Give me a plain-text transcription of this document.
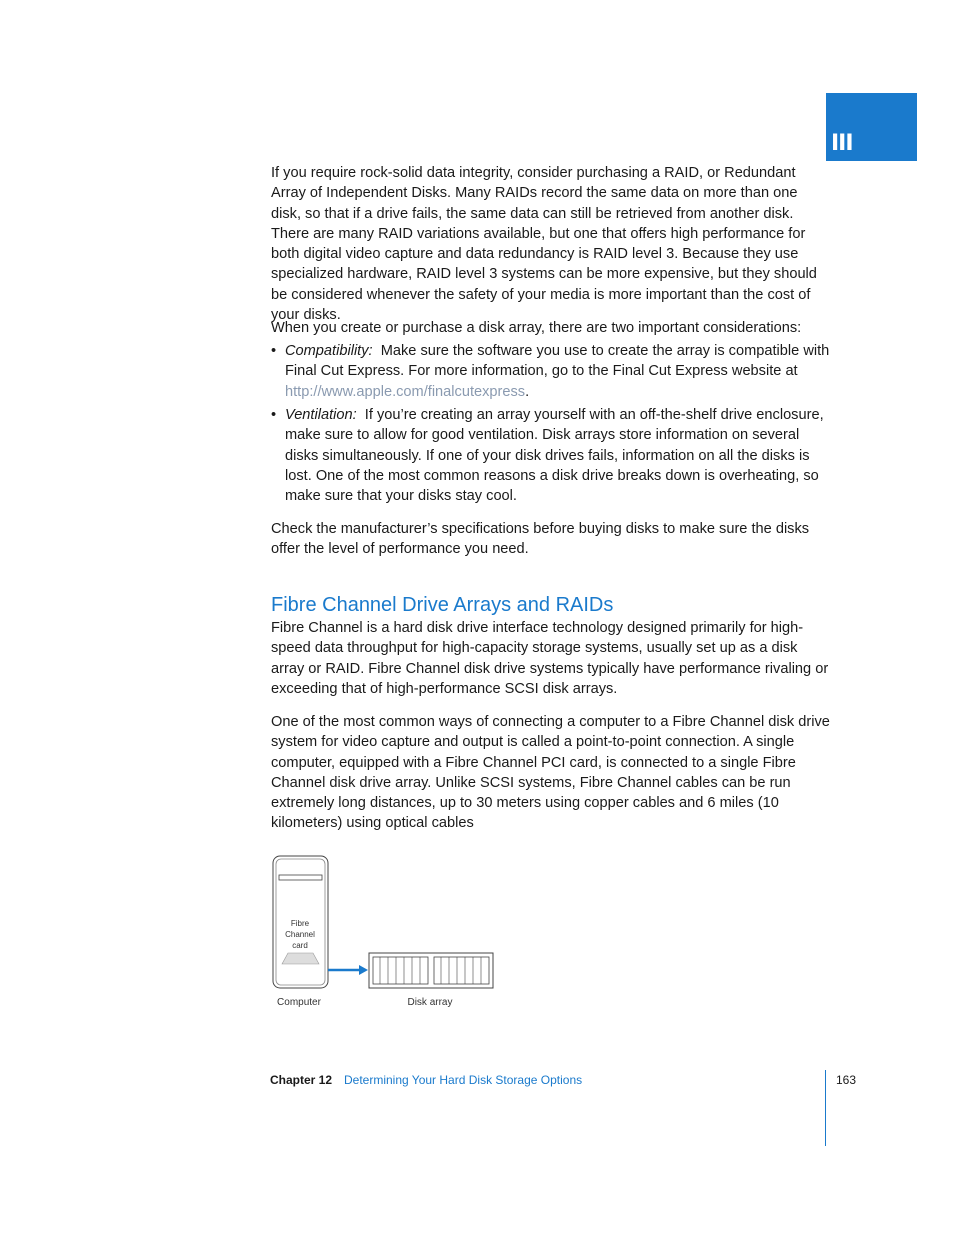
III

If you require rock-solid data integrity, consider purchasing a RAID, or Redundant Array of Independent Disks. Many RAIDs record the same data on more than one disk, so that if a drive fails, the same data can still be retrieved from another disk. There are many RAID variations available, but one that offers high performance for both digital video capture and data redundancy is RAID level 3. Because they use specialized hardware, RAID level 3 systems can be more expensive, but they should be considered whenever the safety of your media is more important than the cost of your disks.

When you create or purchase a disk array, there are two important considerations:

• Compatibility: Make sure the software you use to create the array is compatible with Final Cut Express. For more information, go to the Final Cut Express website at http://www.apple.com/finalcutexpress.

• Ventilation: If you’re creating an array yourself with an off-the-shelf drive enclosure, make sure to allow for good ventilation. Disk arrays store information on several disks simultaneously. If one of your disk drives fails, information on all the disks is lost. One of the most common reasons a disk drive breaks down is overheating, so make sure that your disks stay cool.

Check the manufacturer’s specifications before buying disks to make sure the disks offer the level of performance you need.

Fibre Channel Drive Arrays and RAIDs

Fibre Channel is a hard disk drive interface technology designed primarily for high-speed data throughput for high-capacity storage systems, usually set up as a disk array or RAID. Fibre Channel disk drive systems typically have performance rivaling or exceeding that of high-performance SCSI disk arrays.

One of the most common ways of connecting a computer to a Fibre Channel disk drive system for video capture and output is called a point-to-point connection. A single computer, equipped with a Fibre Channel PCI card, is connected to a single Fibre Channel disk drive array. Unlike SCSI systems, Fibre Channel cables can be run extremely long distances, up to 30 meters using copper cables and 6 miles (10 kilometers) using optical cables

Fibre
Channel
card
Computer	Disk array
Chapter 12 Determining Your Hard Disk Storage Options	163
